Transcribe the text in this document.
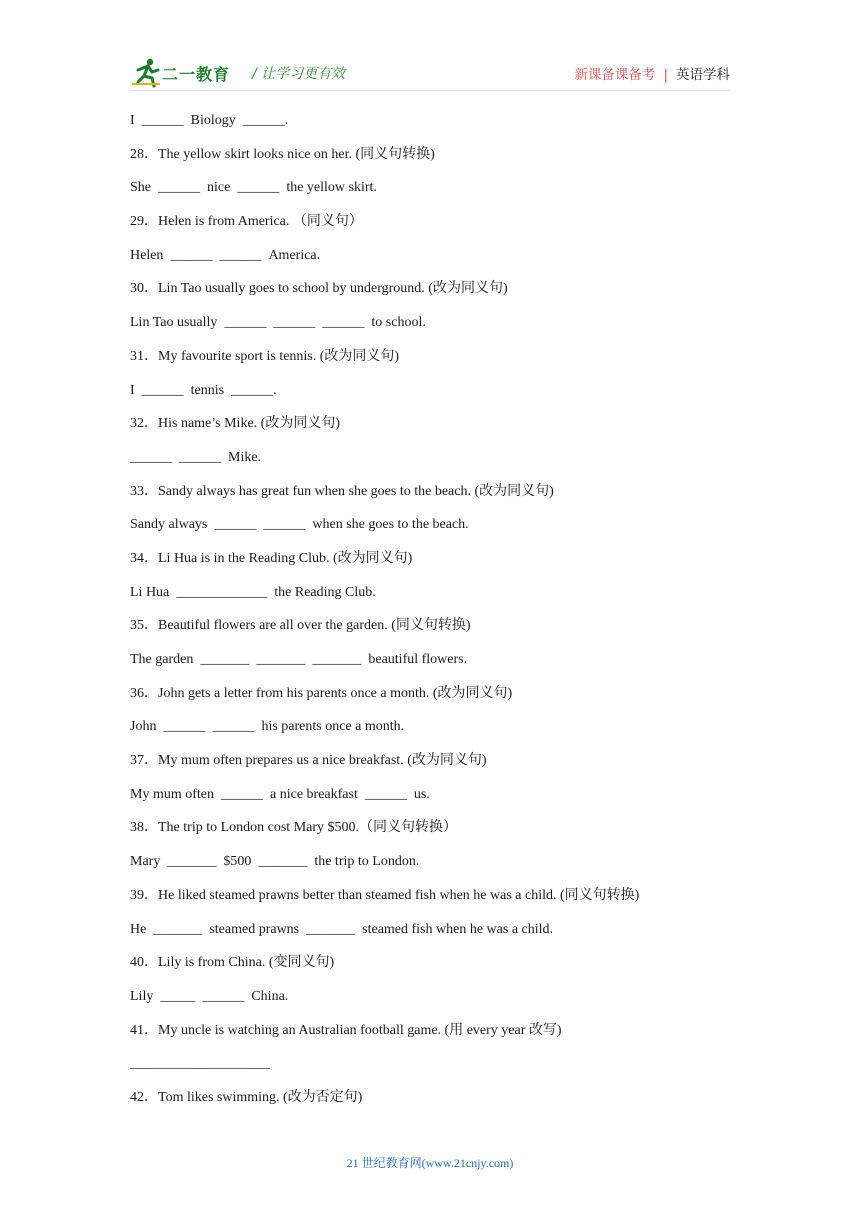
二一教育 / 让学习更有效	新课备课备考 | 英语学科
I ______ Biology ______.
28．The yellow skirt looks nice on her. (同义句转换)
She ______ nice ______ the yellow skirt.
29．Helen is from America. （同义句）
Helen ______ ______ America.
30．Lin Tao usually goes to school by underground. (改为同义句)
Lin Tao usually ______ ______ ______ to school.
31．My favourite sport is tennis. (改为同义句)
I ______ tennis ______.
32．His name’s Mike. (改为同义句)
______ ______ Mike.
33．Sandy always has great fun when she goes to the beach. (改为同义句)
Sandy always ______ ______ when she goes to the beach.
34．Li Hua is in the Reading Club. (改为同义句)
Li Hua _____________ the Reading Club.
35．Beautiful flowers are all over the garden. (同义句转换)
The garden _______ _______ _______ beautiful flowers.
36．John gets a letter from his parents once a month. (改为同义句)
John ______ ______ his parents once a month.
37．My mum often prepares us a nice breakfast. (改为同义句)
My mum often ______ a nice breakfast ______ us.
38．The trip to London cost Mary $500.（同义句转换）
Mary _______ $500 _______ the trip to London.
39．He liked steamed prawns better than steamed fish when he was a child. (同义句转换)
He _______ steamed prawns _______ steamed fish when he was a child.
40．Lily is from China. (变同义句)
Lily _____ ______ China.
41．My uncle is watching an Australian football game. (用 every year 改写)
____________________
42．Tom likes swimming. (改为否定句)
21 世纪教育网(www.21cnjy.com)
